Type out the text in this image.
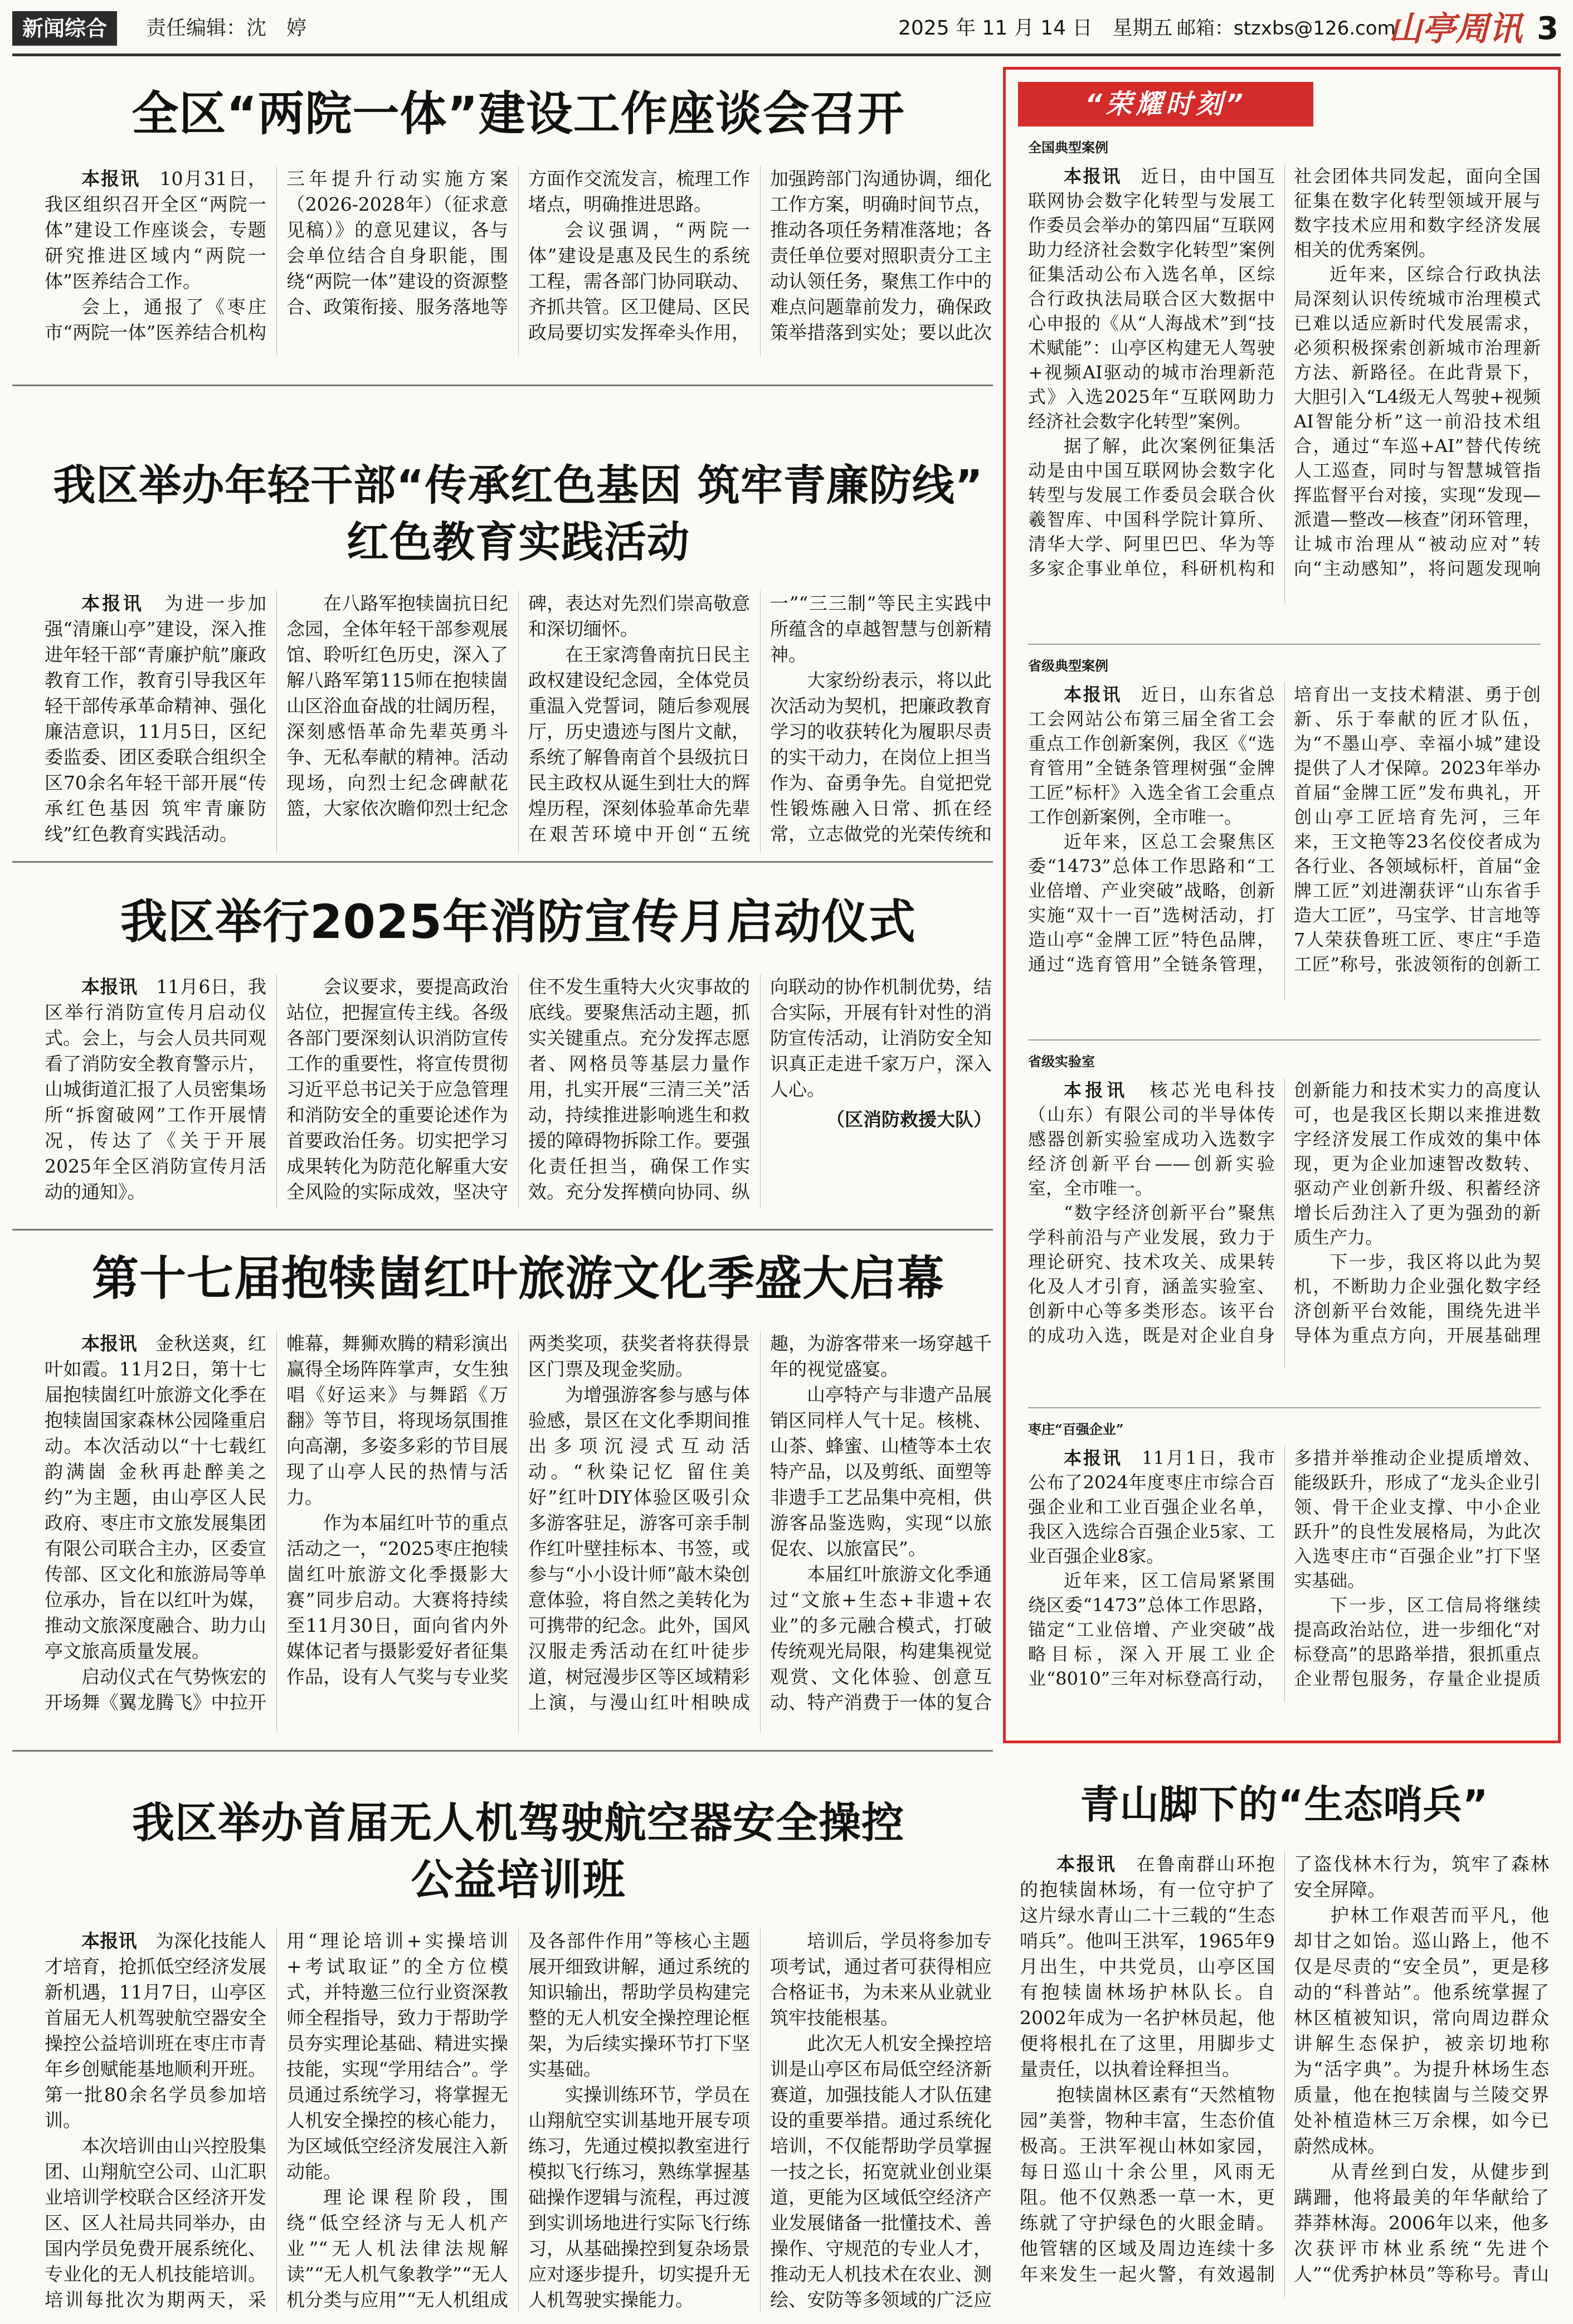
新闻综合	责任编辑：沈　婷	2025 年 11 月 14 日　星期五 邮箱：stzxbs@126.com
山亭周讯 3
全区“两院一体”建设工作座谈会召开

本报讯　 10月31日，我区组织召开全区“两院一体”建设工作座谈会，专题研究推进区域内“两院一体”医养结合工作。

会上，通报了《枣庄市“两院一体”医养结合机构三年提升行动实施方案（2026-2028年）（征求意见稿）》的意见建议，各与会单位结合自身职能，围绕“两院一体”建设的资源整合、政策衔接、服务落地等方面作交流发言，梳理工作堵点，明确推进思路。

会议强调，“两院一体”建设是惠及民生的系统工程，需各部门协同联动、齐抓共管。区卫健局、区民政局要切实发挥牵头作用，加强跨部门沟通协调，细化工作方案，明确时间节点，推动各项任务精准落地；各责任单位要对照职责分工主动认领任务，聚焦工作中的难点问题靠前发力，确保政策举措落到实处；要以此次

我区举办年轻干部“传承红色基因 筑牢青廉防线”
红色教育实践活动

本报讯　 为进一步加强“清廉山亭”建设，深入推进年轻干部“青廉护航”廉政教育工作，教育引导我区年轻干部传承革命精神、强化廉洁意识，11月5日，区纪委监委、团区委联合组织全区70余名年轻干部开展“传承红色基因 筑牢青廉防线”红色教育实践活动。

在八路军抱犊崮抗日纪念园，全体年轻干部参观展馆、聆听红色历史，深入了解八路军第115师在抱犊崮山区浴血奋战的壮阔历程，深刻感悟革命先辈英勇斗争、无私奉献的精神。活动现场，向烈士纪念碑献花篮，大家依次瞻仰烈士纪念碑，表达对先烈们崇高敬意和深切缅怀。

在王家湾鲁南抗日民主政权建设纪念园，全体党员重温入党誓词，随后参观展厅，历史遗迹与图片文献，系统了解鲁南首个县级抗日民主政权从诞生到壮大的辉煌历程，深刻体验革命先辈在艰苦环境中开创“五统一”“三三制”等民主实践中所蕴含的卓越智慧与创新精神。

大家纷纷表示，将以此次活动为契机，把廉政教育学习的收获转化为履职尽责的实干动力，在岗位上担当作为、奋勇争先。自觉把党性锻炼融入日常、抓在经常，立志做党的光荣传统和

我区举行2025年消防宣传月启动仪式

本报讯　 11月6日，我区举行消防宣传月启动仪式。会上，与会人员共同观看了消防安全教育警示片，山城街道汇报了人员密集场所“拆窗破网”工作开展情况，传达了《关于开展2025年全区消防宣传月活动的通知》。

会议要求，要提高政治站位，把握宣传主线。各级各部门要深刻认识消防宣传工作的重要性，将宣传贯彻习近平总书记关于应急管理和消防安全的重要论述作为首要政治任务。切实把学习成果转化为防范化解重大安全风险的实际成效，坚决守住不发生重特大火灾事故的底线。要聚焦活动主题，抓实关键重点。充分发挥志愿者、网格员等基层力量作用，扎实开展“三清三关”活动，持续推进影响逃生和救援的障碍物拆除工作。要强化责任担当，确保工作实效。充分发挥横向协同、纵向联动的协作机制优势，结合实际，开展有针对性的消防宣传活动，让消防安全知识真正走进千家万户，深入人心。

（区消防救援大队）
第十七届抱犊崮红叶旅游文化季盛大启幕

本报讯　 金秋送爽，红叶如霞。11月2日，第十七届抱犊崮红叶旅游文化季在抱犊崮国家森林公园隆重启动。本次活动以“十七载红韵满崮 金秋再赴醉美之约”为主题，由山亭区人民政府、枣庄市文旅发展集团有限公司联合主办，区委宣传部、区文化和旅游局等单位承办，旨在以红叶为媒，推动文旅深度融合、助力山亭文旅高质量发展。

启动仪式在气势恢宏的开场舞《翼龙腾飞》中拉开帷幕，舞狮欢腾的精彩演出赢得全场阵阵掌声，女生独唱《好运来》与舞蹈《万翻》等节目，将现场氛围推向高潮，多姿多彩的节目展现了山亭人民的热情与活力。

作为本届红叶节的重点活动之一，“2025枣庄抱犊崮红叶旅游文化季摄影大赛”同步启动。大赛将持续至11月30日，面向省内外媒体记者与摄影爱好者征集作品，设有人气奖与专业奖两类奖项，获奖者将获得景区门票及现金奖励。

为增强游客参与感与体验感，景区在文化季期间推出多项沉浸式互动活动。“秋染记忆 留住美好”红叶DIY体验区吸引众多游客驻足，游客可亲手制作红叶壁挂标本、书签，或参与“小小设计师”敲木染创意体验，将自然之美转化为可携带的纪念。此外，国风汉服走秀活动在红叶徒步道，树冠漫步区等区域精彩上演，与漫山红叶相映成趣，为游客带来一场穿越千年的视觉盛宴。

山亭特产与非遗产品展销区同样人气十足。核桃、山茶、蜂蜜、山楂等本土农特产品，以及剪纸、面塑等非遗手工艺品集中亮相，供游客品鉴选购，实现“以旅促农、以旅富民”。

本届红叶旅游文化季通过“文旅+生态+非遗+农业”的多元融合模式，打破传统观光局限，构建集视觉观赏、文化体验、创意互动、特产消费于一体的复合

我区举办首届无人机驾驶航空器安全操控
公益培训班

本报讯　 为深化技能人才培育，抢抓低空经济发展新机遇，11月7日，山亭区首届无人机驾驶航空器安全操控公益培训班在枣庄市青年乡创赋能基地顺利开班。第一批80余名学员参加培训。

本次培训由山兴控股集团、山翔航空公司、山汇职业培训学校联合区经济开发区、区人社局共同举办，由国内学员免费开展系统化、专业化的无人机技能培训。培训每批次为期两天，采用“理论培训+实操培训+考试取证”的全方位模式，并特邀三位行业资深教师全程指导，致力于帮助学员夯实理论基础、精进实操技能，实现“学用结合”。学员通过系统学习，将掌握无人机安全操控的核心能力，为区域低空经济发展注入新动能。

理论课程阶段，围绕“低空经济与无人机产业”“无人机法律法规解读”“无人机气象教学”“无人机分类与应用”“无人机组成及各部件作用”等核心主题展开细致讲解，通过系统的知识输出，帮助学员构建完整的无人机安全操控理论框架，为后续实操环节打下坚实基础。

实操训练环节，学员在山翔航空实训基地开展专项练习，先通过模拟教室进行模拟飞行练习，熟练掌握基础操作逻辑与流程，再过渡到实训场地进行实际飞行练习，从基础操控到复杂场景应对逐步提升，切实提升无人机驾驶实操能力。

培训后，学员将参加专项考试，通过者可获得相应合格证书，为未来从业就业筑牢技能根基。

此次无人机安全操控培训是山亭区布局低空经济新赛道，加强技能人才队伍建设的重要举措。通过系统化培训，不仅能帮助学员掌握一技之长，拓宽就业创业渠道，更能为区域低空经济产业发展储备一批懂技术、善操作、守规范的专业人才，推动无人机技术在农业、测绘、安防等多领域的广泛应

“荣耀时刻”
全国典型案例

本报讯　 近日，由中国互联网协会数字化转型与发展工作委员会举办的第四届“互联网助力经济社会数字化转型”案例征集活动公布入选名单，区综合行政执法局联合区大数据中心申报的《从“人海战术”到“技术赋能”：山亭区构建无人驾驶+视频AI驱动的城市治理新范式》入选2025年“互联网助力经济社会数字化转型”案例。

据了解，此次案例征集活动是由中国互联网协会数字化转型与发展工作委员会联合伙羲智库、中国科学院计算所、清华大学、阿里巴巴、华为等多家企事业单位，科研机构和社会团体共同发起，面向全国征集在数字化转型领域开展与数字技术应用和数字经济发展相关的优秀案例。

近年来，区综合行政执法局深刻认识传统城市治理模式已难以适应新时代发展需求，必须积极探索创新城市治理新方法、新路径。在此背景下，大胆引入“L4级无人驾驶+视频AI智能分析”这一前沿技术组合，通过“车巡+AI”替代传统人工巡查，同时与智慧城管指挥监督平台对接，实现“发现—派遣—整改—核查”闭环管理，让城市治理从“被动应对”转向“主动感知”，将问题发现响

省级典型案例

本报讯　 近日，山东省总工会网站公布第三届全省工会重点工作创新案例，我区《“选育管用”全链条管理树强“金牌工匠”标杆》入选全省工会重点工作创新案例，全市唯一。

近年来，区总工会聚焦区委“1473”总体工作思路和“工业倍增、产业突破”战略，创新实施“双十一百”选树活动，打造山亭“金牌工匠”特色品牌，通过“选育管用”全链条管理，培育出一支技术精湛、勇于创新、乐于奉献的匠才队伍，为“不墨山亭、幸福小城”建设提供了人才保障。2023年举办首届“金牌工匠”发布典礼，开创山亭工匠培育先河，三年来，王文艳等23名佼佼者成为各行业、各领域标杆，首届“金牌工匠”刘进潮获评“山东省手造大工匠”，马宝学、甘言地等7人荣获鲁班工匠、枣庄“手造工匠”称号，张波领衔的创新工

省级实验室

本报讯　 核芯光电科技（山东）有限公司的半导体传感器创新实验室成功入选数字经济创新平台——创新实验室，全市唯一。

“数字经济创新平台”聚焦学科前沿与产业发展，致力于理论研究、技术攻关、成果转化及人才引育，涵盖实验室、创新中心等多类形态。该平台的成功入选，既是对企业自身创新能力和技术实力的高度认可，也是我区长期以来推进数字经济发展工作成效的集中体现，更为企业加速智改数转、驱动产业创新升级、积蓄经济增长后劲注入了更为强劲的新质生产力。

下一步，我区将以此为契机，不断助力企业强化数字经济创新平台效能，围绕先进半导体为重点方向，开展基础理

枣庄“百强企业”

本报讯　 11月1日，我市公布了2024年度枣庄市综合百强企业和工业百强企业名单，我区入选综合百强企业5家、工业百强企业8家。

近年来，区工信局紧紧围绕区委“1473”总体工作思路，锚定“工业倍增、产业突破”战略目标，深入开展工业企业“8010”三年对标登高行动，多措并举推动企业提质增效、能级跃升，形成了“龙头企业引领、骨干企业支撑、中小企业跃升”的良性发展格局，为此次入选枣庄市“百强企业”打下坚实基础。

下一步，区工信局将继续提高政治站位，进一步细化“对标登高”的思路举措，狠抓重点企业帮包服务，存量企业提质

青山脚下的“生态哨兵”

本报讯　 在鲁南群山环抱的抱犊崮林场，有一位守护了这片绿水青山二十三载的“生态哨兵”。他叫王洪军，1965年9月出生，中共党员，山亭区国有抱犊崮林场护林队长。自2002年成为一名护林员起，他便将根扎在了这里，用脚步丈量责任，以执着诠释担当。

抱犊崮林区素有“天然植物园”美誉，物种丰富，生态价值极高。王洪军视山林如家园，每日巡山十余公里，风雨无阻。他不仅熟悉一草一木，更练就了守护绿色的火眼金睛。他管辖的区域及周边连续十多年来发生一起火警，有效遏制了盗伐林木行为，筑牢了森林安全屏障。

护林工作艰苦而平凡，他却甘之如饴。巡山路上，他不仅是尽责的“安全员”，更是移动的“科普站”。他系统掌握了林区植被知识，常向周边群众讲解生态保护，被亲切地称为“活字典”。为提升林场生态质量，他在抱犊崮与兰陵交界处补植造林三万余棵，如今已蔚然成林。

从青丝到白发，从健步到蹒跚，他将最美的年华献给了莽莽林海。2006年以来，他多次获评市林业系统“先进个人”“优秀护林员”等称号。青山
